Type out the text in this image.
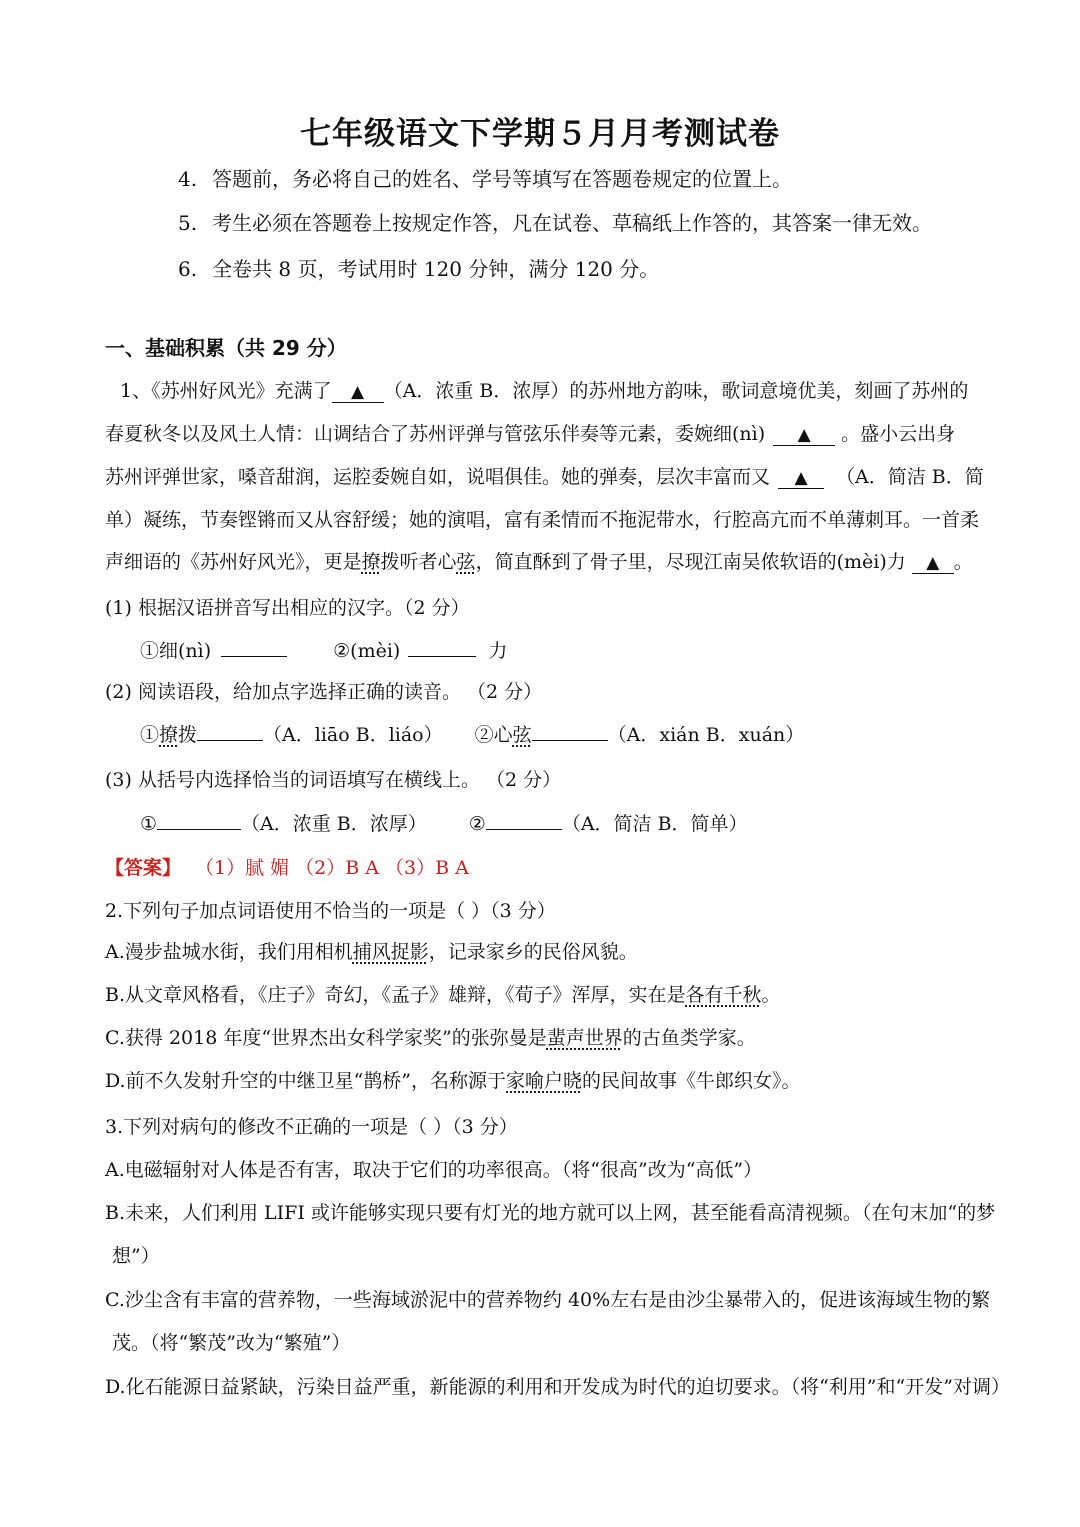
七年级语文下学期５月月考测试卷
4. 答题前，务必将自己的姓名、学号等填写在答题卷规定的位置上。
5. 考生必须在答题卷上按规定作答，凡在试卷、草稿纸上作答的，其答案一律无效。
6. 全卷共 8 页，考试用时 120 分钟，满分 120 分。
一、基础积累（共 29 分）
1、《苏州好风光》充满了 ▲ （A．浓重 B．浓厚）的苏州地方韵味，歌词意境优美，刻画了苏州的
春夏秋冬以及风土人情：山调结合了苏州评弹与管弦乐伴奏等元素，委婉细(nì) ▲ 。盛小云出身
苏州评弹世家，嗓音甜润，运腔委婉自如，说唱俱佳。她的弹奏，层次丰富而又 ▲ （A．简洁 B．简
单）凝练，节奏铿锵而又从容舒缓；她的演唱，富有柔情而不拖泥带水，行腔高亢而不单薄刺耳。一首柔
声细语的《苏州好风光》，更是撩拨听者心弦，简直酥到了骨子里，尽现江南吴侬软语的(mèi)力 ▲ 。
(1) 根据汉语拼音写出相应的汉字。（2 分）
①细(nì)	②(mèi)	力
(2) 阅读语段，给加点字选择正确的读音。 （2 分）
①撩拨	（A．liāo B．liáo） ②心弦	（A．xián B．xuán）
(3) 从括号内选择恰当的词语填写在横线上。 （2 分）
①	（A．浓重 B．浓厚） ②	（A．简洁 B．简单）
【答案】 （1）腻 媚 （2）B A （3）B A
2.下列句子加点词语使用不恰当的一项是（ ）（3 分）
A.漫步盐城水街，我们用相机捕风捉影，记录家乡的民俗风貌。
B.从文章风格看，《庄子》奇幻，《孟子》雄辩，《荀子》浑厚，实在是各有千秋。
C.获得 2018 年度“世界杰出女科学家奖”的张弥曼是蜚声世界的古鱼类学家。
D.前不久发射升空的中继卫星“鹊桥”，名称源于家喻户晓的民间故事《牛郎织女》。
3.下列对病句的修改不正确的一项是（ ）（3 分）
A.电磁辐射对人体是否有害，取决于它们的功率很高。（将“很高”改为“高低”）
B.未来，人们利用 LIFI 或许能够实现只要有灯光的地方就可以上网，甚至能看高清视频。（在句末加“的梦
想”）
C.沙尘含有丰富的营养物，一些海域淤泥中的营养物约 40%左右是由沙尘暴带入的，促进该海域生物的繁
茂。（将“繁茂”改为“繁殖”）
D.化石能源日益紧缺，污染日益严重，新能源的利用和开发成为时代的迫切要求。（将“利用”和“开发”对调）
